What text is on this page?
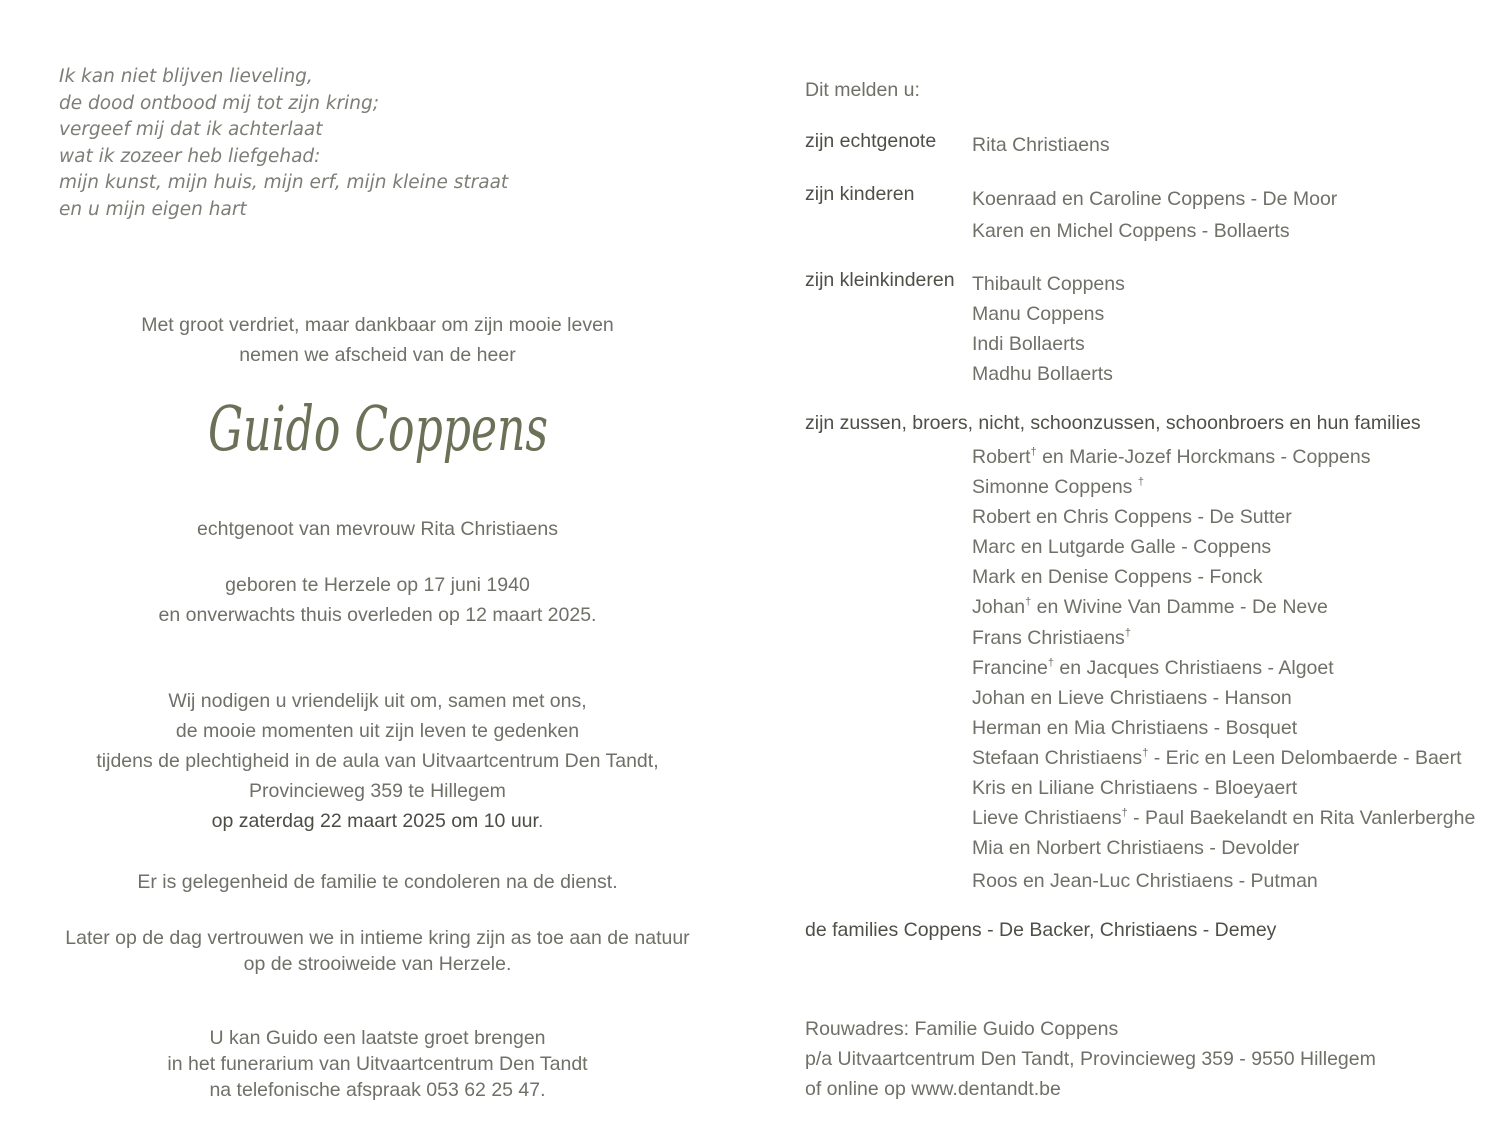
Ik kan niet blijven lieveling,
de dood ontbood mij tot zijn kring;
vergeef mij dat ik achterlaat
wat ik zozeer heb liefgehad:
mijn kunst, mijn huis, mijn erf, mijn kleine straat
en u mijn eigen hart
Met groot verdriet, maar dankbaar om zijn mooie leven
nemen we afscheid van de heer
Guido Coppens
echtgenoot van mevrouw Rita Christiaens
geboren te Herzele op 17 juni 1940
en onverwachts thuis overleden op 12 maart 2025.
Wij nodigen u vriendelijk uit om, samen met ons,
de mooie momenten uit zijn leven te gedenken
tijdens de plechtigheid in de aula van Uitvaartcentrum Den Tandt,
Provincieweg 359 te Hillegem
op zaterdag 22 maart 2025 om 10 uur.
Er is gelegenheid de familie te condoleren na de dienst.
Later op de dag vertrouwen we in intieme kring zijn as toe aan de natuur
op de strooiweide van Herzele.
U kan Guido een laatste groet brengen
in het funerarium van Uitvaartcentrum Den Tandt
na telefonische afspraak 053 62 25 47.
Dit melden u:
zijn echtgenote Rita Christiaens
zijn kinderen	Koenraad en Caroline Coppens - De Moor
Karen en Michel Coppens - Bollaerts
zijn kleinkinderen Thibault Coppens
Manu Coppens
Indi Bollaerts
Madhu Bollaerts
zijn zussen, broers, nicht, schoonzussen, schoonbroers en hun families
Robert† en Marie-Jozef Horckmans - Coppens
Simonne Coppens †
Robert en Chris Coppens - De Sutter
Marc en Lutgarde Galle - Coppens
Mark en Denise Coppens - Fonck
Johan† en Wivine Van Damme - De Neve
Frans Christiaens†
Francine† en Jacques Christiaens - Algoet
Johan en Lieve Christiaens - Hanson
Herman en Mia Christiaens - Bosquet
Stefaan Christiaens† - Eric en Leen Delombaerde - Baert
Kris en Liliane Christiaens - Bloeyaert
Lieve Christiaens† - Paul Baekelandt en Rita Vanlerberghe
Mia en Norbert Christiaens - Devolder
Roos en Jean-Luc Christiaens - Putman
de families Coppens - De Backer, Christiaens - Demey
Rouwadres: Familie Guido Coppens
p/a Uitvaartcentrum Den Tandt, Provincieweg 359 - 9550 Hillegem
of online op www.dentandt.be
